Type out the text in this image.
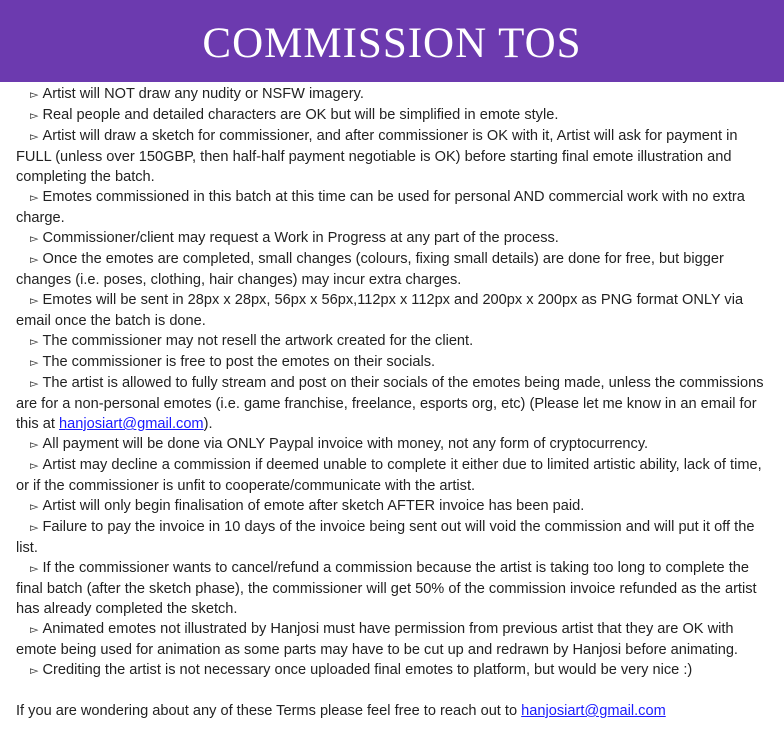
COMMISSION TOS

▻ Artist will NOT draw any nudity or NSFW imagery.

▻ Real people and detailed characters are OK but will be simplified in emote style.

▻ Artist will draw a sketch for commissioner, and after commissioner is OK with it, Artist will ask for payment in FULL (unless over 150GBP, then half-half payment negotiable is OK) before starting final emote illustration and completing the batch.

▻ Emotes commissioned in this batch at this time can be used for personal AND commercial work with no extra charge.

▻ Commissioner/client may request a Work in Progress at any part of the process.

▻ Once the emotes are completed, small changes (colours, fixing small details) are done for free, but bigger changes (i.e. poses, clothing, hair changes) may incur extra charges.

▻ Emotes will be sent in 28px x 28px, 56px x 56px,112px x 112px and 200px x 200px as PNG format ONLY via email once the batch is done.

▻ The commissioner may not resell the artwork created for the client.

▻ The commissioner is free to post the emotes on their socials.

▻ The artist is allowed to fully stream and post on their socials of the emotes being made, unless the commissions are for a non-personal emotes (i.e. game franchise, freelance, esports org, etc) (Please let me know in an email for this at hanjosiart@gmail.com).

▻ All payment will be done via ONLY Paypal invoice with money, not any form of cryptocurrency.

▻ Artist may decline a commission if deemed unable to complete it either due to limited artistic ability, lack of time, or if the commissioner is unfit to cooperate/communicate with the artist.

▻ Artist will only begin finalisation of emote after sketch AFTER invoice has been paid.

▻ Failure to pay the invoice in 10 days of the invoice being sent out will void the commission and will put it off the list.

▻ If the commissioner wants to cancel/refund a commission because the artist is taking too long to complete the final batch (after the sketch phase), the commissioner will get 50% of the commission invoice refunded as the artist has already completed the sketch.

▻ Animated emotes not illustrated by Hanjosi must have permission from previous artist that they are OK with emote being used for animation as some parts may have to be cut up and redrawn by Hanjosi before animating.

▻ Crediting the artist is not necessary once uploaded final emotes to platform, but would be very nice :)

If you are wondering about any of these Terms please feel free to reach out to hanjosiart@gmail.com
